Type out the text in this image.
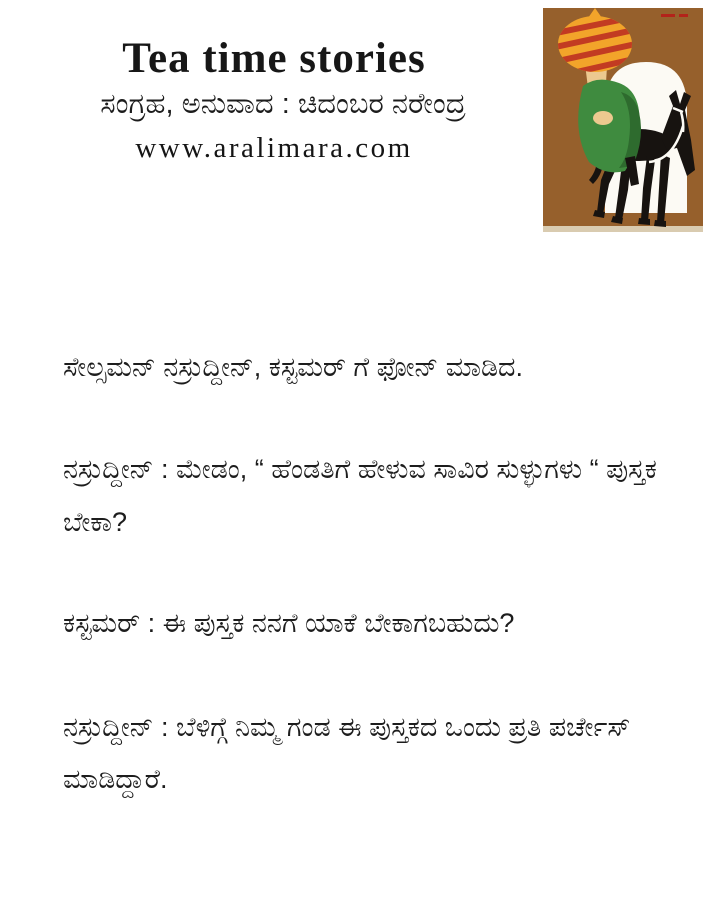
Tea time stories
ಸಂಗ್ರಹ, ಅನುವಾದ : ಚಿದಂಬರ ನರೇಂದ್ರ
www.aralimara.com

ಸೇಲ್ಸಮನ್ ನಸ್ರುದ್ದೀನ್, ಕಸ್ಟಮರ್ ಗೆ ಫೋನ್ ಮಾಡಿದ.

ನಸ್ರುದ್ದೀನ್ : ಮೇಡಂ, “ ಹೆಂಡತಿಗೆ ಹೇಳುವ ಸಾವಿರ ಸುಳ್ಳುಗಳು “ ಪುಸ್ತಕ ಬೇಕಾ?

ಕಸ್ಟಮರ್ : ಈ ಪುಸ್ತಕ ನನಗೆ ಯಾಕೆ ಬೇಕಾಗಬಹುದು?

ನಸ್ರುದ್ದೀನ್ : ಬೆಳಿಗ್ಗೆ ನಿಮ್ಮ ಗಂಡ ಈ ಪುಸ್ತಕದ ಒಂದು ಪ್ರತಿ ಪರ್ಚೇಸ್ ಮಾಡಿದ್ದಾರೆ.
